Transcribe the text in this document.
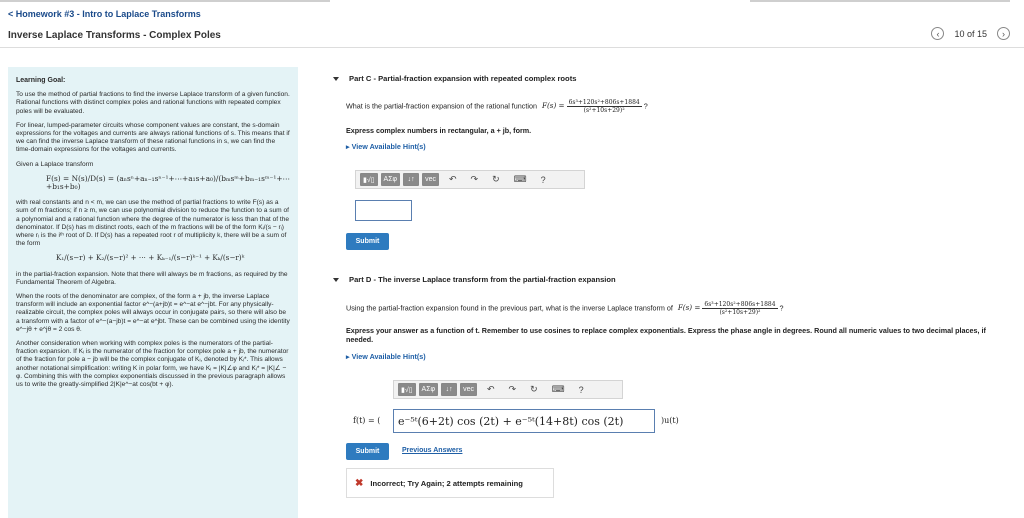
< Homework #3 - Intro to Laplace Transforms
Inverse Laplace Transforms - Complex Poles	‹	10 of 15	›
Learning Goal:

To use the method of partial fractions to find the inverse Laplace transform of a given function. Rational functions with distinct complex poles and rational functions with repeated complex poles will be evaluated.

For linear, lumped-parameter circuits whose component values are constant, the s-domain expressions for the voltages and currents are always rational functions of s. This means that if we can find the inverse Laplace transform of these rational functions in s, we can find the time-domain expressions for the voltages and currents.

Given a Laplace transform

F(s) = N(s)/D(s) = (aₙsⁿ+aₙ₋₁sⁿ⁻¹+⋯+a₁s+a₀)/(bₘsᵐ+bₘ₋₁sᵐ⁻¹+⋯+b₁s+b₀)

with real constants and n < m, we can use the method of partial fractions to write F(s) as a sum of m fractions; if n ≥ m, we can use polynomial division to reduce the function to a sum of a polynomial and a rational function where the degree of the numerator is less than that of the denominator. If D(s) has m distinct roots, each of the m fractions will be of the form Kᵢ/(s − rᵢ) where rᵢ is the iᵗʰ root of D. If D(s) has a repeated root r of multiplicity k, there will be a sum of the form

K₁/(s−r) + K₂/(s−r)² + ⋯ + Kₖ₋₁/(s−r)ᵏ⁻¹ + Kₖ/(s−r)ᵏ

in the partial-fraction expansion. Note that there will always be m fractions, as required by the Fundamental Theorem of Algebra.

When the roots of the denominator are complex, of the form a + jb, the inverse Laplace transform will include an exponential factor e^−(a+jb)t = e^−at e^−jbt. For any physically-realizable circuit, the complex poles will always occur in conjugate pairs, so there will also be a transform with a factor of e^−(a−jb)t = e^−at e^jbt. These can be combined using the identity e^−jθ + e^jθ = 2 cos θ.

Another consideration when working with complex poles is the numerators of the partial-fraction expansion. If Kᵢ is the numerator of the fraction for complex pole a + jb, the numerator of the fraction for pole a − jb will be the complex conjugate of Kᵢ, denoted by Kᵢ*. This allows another notational simplification: writing K in polar form, we have Kᵢ = |K|∠φ and Kᵢ* = |K|∠ − φ. Combining this with the complex exponentials discussed in the previous paragraph allows us to write the greatly-simplified 2|K|e^−at cos(bt + φ).

Part C - Partial-fraction expansion with repeated complex roots
What is the partial-fraction expansion of the rational function $F(s) = \frac{\text{6s³+120s²+806s+1884}}{\text{(s²+10s+29)²}}$ ?
Express complex numbers in rectangular, a + jb, form.
▸ View Available Hint(s)
▮√▯	ΑΣφ	↓↑	vec	↶ ↷ ↻ ⌨ ?
Submit
Part D - The inverse Laplace transform from the partial-fraction expansion
Using the partial-fraction expansion found in the previous part, what is the inverse Laplace transform of $F(s) = \frac{\text{6s³+120s²+806s+1884}}{\text{(s²+10s+29)²}}$ ?
Express your answer as a function of t. Remember to use cosines to replace complex exponentials. Express the phase angle in degrees. Round all numeric values to two decimal places, if needed.
▸ View Available Hint(s)
▮√▯	ΑΣφ	↓↑	vec	↶ ↷ ↻ ⌨ ?
f(t) = (	e⁻⁵ᵗ(6+2t) cos (2t) + e⁻⁵ᵗ(14+8t) cos (2t)	)u(t)
Submit	Previous Answers
✖ Incorrect; Try Again; 2 attempts remaining
